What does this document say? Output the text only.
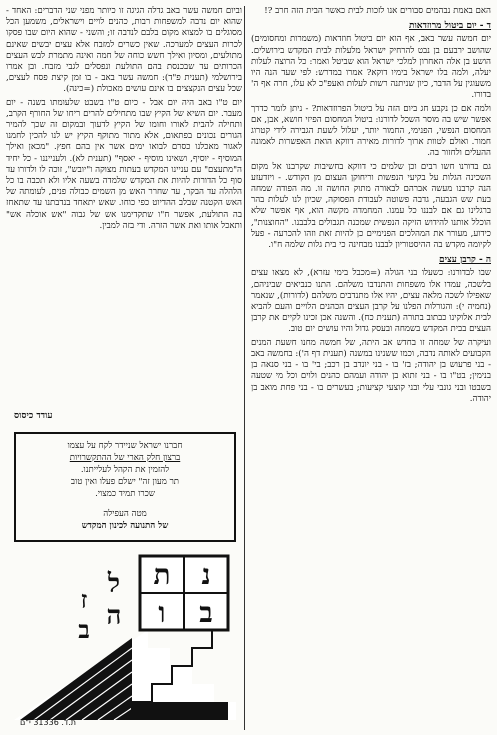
האם באמת נבהמים סבורים אנו לזכות לבית כאשר הבית הזה חרב ?!

ד - יום ביטול מרוזדאות

יום חמשה עשר באב, אף הוא יום ביטול חוזדאות (משמרות ומחסומים) שהושב ירבעם בן נבט להרחיק ישראל מלעלות לבית המקדש בירושלים. הושע בן אלה האחרון למלכי ישראל הוא שביטל ואמר: כל הרוצה לעלות יעלה, ולמה בלו ישראל בימיו דוקא? אמרו במדרש: לפי שעד הנה היו משעוגין על הדבר, כיון שניתנה רשות לעלות ואעפ"כ לא עלו, חרה אף ה' בדורו.

ולמה אם כן נקבע חג ביום הזה על ביטול הפרוזדאות? - ניתן לומר כדרך אפשר שיש בה מוסר השכל לדורנו: ביטול המחסום הפיזי חושא, אבן, אם המחסום הנפשי, הפנימי, החמור יותר, יעלול לשעת הגבירה לידי קטרוג חמור. ואולם לטוות ארוך לדורות מאירה דווקא הואת האפשרות לאמונה ההעלים ולחזור בה.

גם בדורנו חשו רבים וכן שלמים כי דווקא בחשיבות שקרבנו אל מקום השכינה הגלות על בקיעי הנפשות וריחוקן העצום מן הקודש. - ויזדעזע הנה קרבנו מעשה אברהם לבאורה מתוק החושה זו. מה הפודה שמחה בעת שש הגבעה, גדבה פשוטה לעבודת הפסוקה, שכיון לנו לעלות בהר ברגלינו גם אם לבננו כל עמנו. המחמדה מקשה הוא, אף אפשר שלא הוכלל אותנו להידוש הזיקה הנפשית שמכנה תגבולים בלבבנו. "החוצנות", כידוע, מעורר את המהלכים הפנימיים כן להיות זאת וזהו להכרעה - פעל לקיומה מקדש בה ההיסטוריון לבבנו מבחינה כי בית גלות שלמה ח"ו.

ה - קרבן עצים

שבו לבדורנו: כשעלו בני הגולה (=מכבל בימי עזרא), לא מצאו עצים בלשכה, עמדו אלו משפחות והתנדבו משלהם. התנו כנביאים שביניהם, שאפילו לשכה מלאה עצים, יהיו אלו מתנדבים משלהם (לדורות), שנאמר (נחמיה י): והגורלות הפלנו על קרבן העצים הכהנים הלויים והעם להביא לבית אלוקינו כבתוב בתורה (תענית כח). והשנה אכן זכינו לקיים את קרבן העצים בבית המקדש בשמחה ובעסק גדול והיו עושים יום טוב.

ועיקרה של שמחה זו בחדש אב היתה, של חמשה מחנו חשעת המנים הקבועים לאותה נדבה, וכמו ששנינו במשנה (תענית דף ה'): בחמשה באב - בני פרעוש בן יהודה; בז' בו - בני יונדב בן רכב; בי' בו - בני סנאה בן בנימין; בט"ו בו - בני זתוא בן יהודה ועמהם כהנים ולוים וכל מי שטעה בשבטו ובני גונבי עלי ובני קוצעי קציעות; בעשרים בו - בני פחת מואב בן יהודה.

וביום חמשה עשר באב גדלה הגיגה זו כיותר מפני שני הדברים: האחד - שהוא יום נדבה למשפחות רבות, כהנים לויים וישראלים, משמען הכל מסוגלים בו למצוא מקום בלבם לנדבה זו; והשני - שהוא היום שבו פסקו לכרות העצים למערכה. שאין כשרים למזבח אלא עצים יבשים שאינם מתולעים, ומסיון ואילך חשש כוחה של חמה ואינה מתמרת לבש העצים הכרותים עד שבכנסת בהם התולעת ונפסלים לגבי מזבח. ובן אמרו בירושלמי (תענית פ"ד): חמשה עשר באב - בו זמן קיצת פסח לעצים, שכל עצים הנקצצים בו אינם עושים מאכולת (=כינה).

יום ט"ו באב היה יום אבל - כיום ט"ו בשבט שלעומתו בשנה - יום מעבר. יום השיא של הקיץ שבו מתחילים להרים ריחו של החורף הקרב, ותחילה להבית לאורו וחומו של הקיץ לדעוך ובמקום זה שכך להמיר הגורים נכונים בפתאום, אלא מתור מתוקף הקיץ יש לנו להכין לחמנו לאגור מאכלנו כסרם לבואו ימים אשר אין בהם חפץ. "מכאן ואילך המוסיף - יוסיף, ושאינו מוסיף - יאסף" (תענית לא). ולענייננו - כל יחיד ה"מתעצם" עם עניינו המקדש בעתות מצוקה ו"יובש", זוכה לו ולדורו עד סוף כל הדורות להיות את המקדש שלמדה בשעה אליו ולא תכבה בו כל הלהלה עד הבקר, עד שחרר האש מן השמים כבולה פנים, לעומתה של האש הקטנה שבלב ההדיוט כפי כוחו. שאש יתאחד בנדבתנו עד שתאחז בה התולעת, אפשר ח"ו שתקדימנו אש של גבוה "אש אוכלה אש" ותאכל אותו ואת אשר הזרה. ודי בזה למבין.

עודד כיסוס

חברנו ישראל שניידר לקח על עצמו

ברצון חלק הארי של ההתקשרויות

להזמין את הקהל לעלייתנו.

תר מעון זה" ישלם פעלו ואין טוב

שכרו תמיד כמצוי.

מטה העפילה

של התנועה לכינון המקדש

נ
ת
ב
ו
ל
ה
ז
ב
ת.ד. 31336 י"ם
